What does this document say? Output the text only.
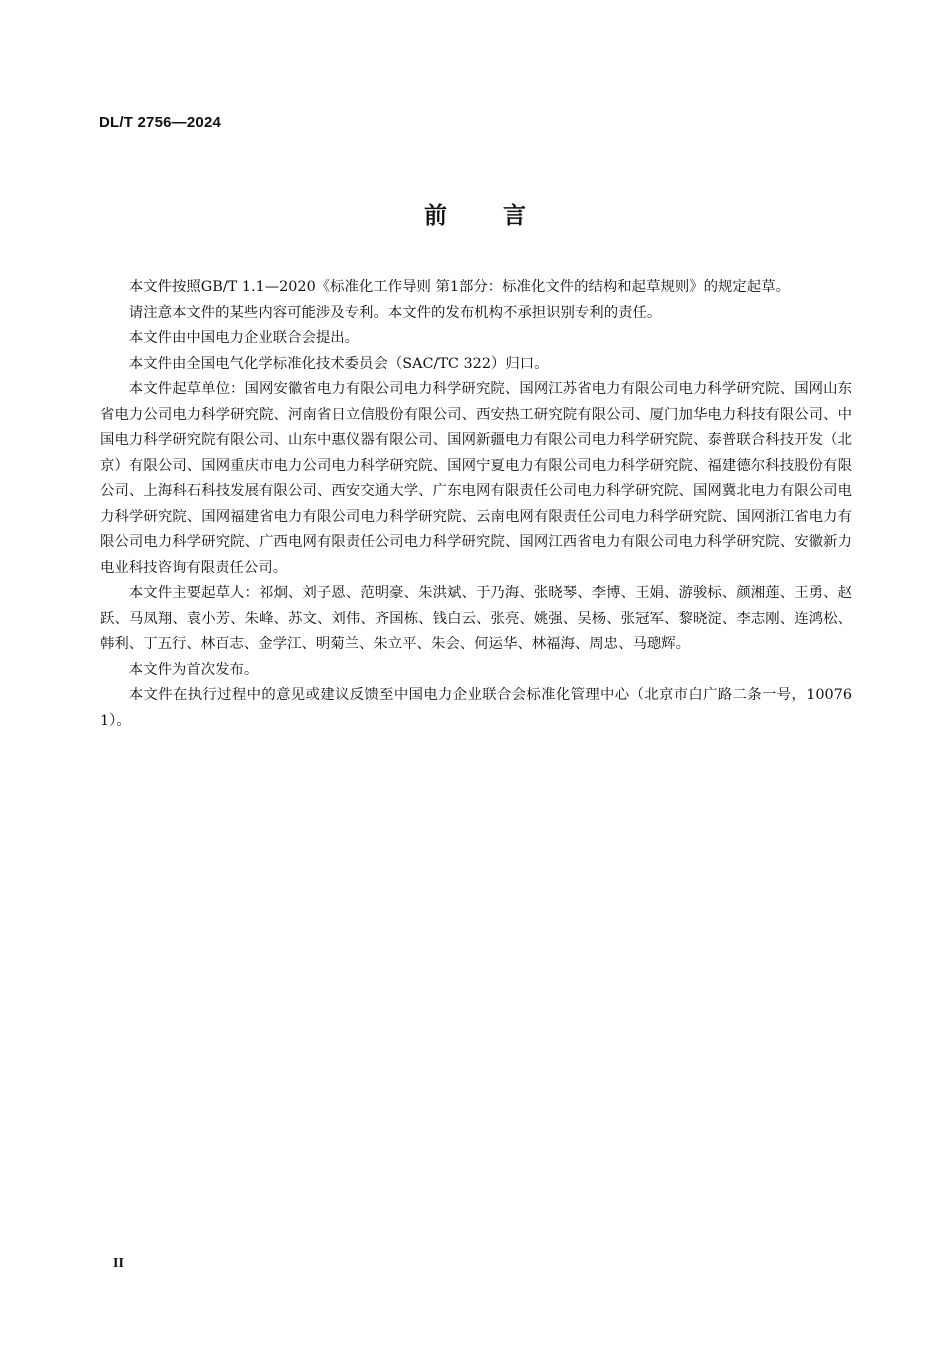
DL/T 2756—2024
前言

本文件按照GB/T 1.1—2020《标准化工作导则 第1部分：标准化文件的结构和起草规则》的规定起草。

请注意本文件的某些内容可能涉及专利。本文件的发布机构不承担识别专利的责任。

本文件由中国电力企业联合会提出。

本文件由全国电气化学标准化技术委员会（SAC/TC 322）归口。

本文件起草单位：国网安徽省电力有限公司电力科学研究院、国网江苏省电力有限公司电力科学研究院、国网山东省电力公司电力科学研究院、河南省日立信股份有限公司、西安热工研究院有限公司、厦门加华电力科技有限公司、中国电力科学研究院有限公司、山东中惠仪器有限公司、国网新疆电力有限公司电力科学研究院、泰普联合科技开发（北京）有限公司、国网重庆市电力公司电力科学研究院、国网宁夏电力有限公司电力科学研究院、福建德尔科技股份有限公司、上海科石科技发展有限公司、西安交通大学、广东电网有限责任公司电力科学研究院、国网冀北电力有限公司电力科学研究院、国网福建省电力有限公司电力科学研究院、云南电网有限责任公司电力科学研究院、国网浙江省电力有限公司电力科学研究院、广西电网有限责任公司电力科学研究院、国网江西省电力有限公司电力科学研究院、安徽新力电业科技咨询有限责任公司。

本文件主要起草人：祁炯、刘子恩、范明豪、朱洪斌、于乃海、张晓琴、李博、王娟、游骏标、颜湘莲、王勇、赵跃、马凤翔、袁小芳、朱峰、苏文、刘伟、齐国栋、钱白云、张亮、姚强、吴杨、张冠军、黎晓淀、李志刚、连鸿松、韩利、丁五行、林百志、金学江、明菊兰、朱立平、朱会、何运华、林福海、周忠、马璁辉。

本文件为首次发布。

本文件在执行过程中的意见或建议反馈至中国电力企业联合会标准化管理中心（北京市白广路二条一号，100761）。

II
